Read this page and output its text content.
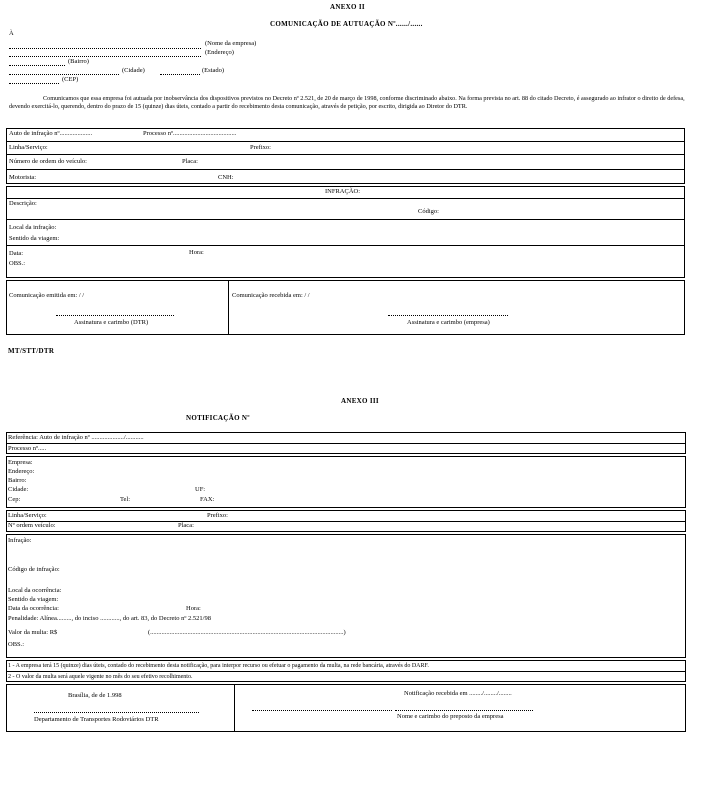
ANEXO II
COMUNICAÇÃO DE AUTUAÇÃO Nº....../......
À
(Nome da empresa)
(Endereço)
(Bairro)
(Cidade)	(Estado)
(CEP)
Comunicamos que essa empresa foi autuada por inobservância dos dispositivos previstos no Decreto nº 2.521, de 20 de março de 1998, conforme discriminado abaixo. Na forma prevista no art. 88 do citado Decreto, é assegurado ao infrator o direito de defesa, devendo exercitá-lo, querendo, dentro do prazo de 15 (quinze) dias úteis, contado a partir do recebimento desta comunicação, através de petição, por escrito, dirigida ao Diretor do DTR.
Auto de infração nº....................	Processo nº.......................................
Linha/Serviço:	Prefixo:
Número de ordem do veículo:	Placa:
Motorista:	CNH:
INFRAÇÃO:
Descrição:
Código:
Local da infração:
Sentido da viagem:
Data:	Hora:
OBS.:
Comunicação emitida em: / /
Assinatura e carimbo (DTR)
Comunicação recebida em: / /
Assinatura e carimbo (empresa)
MT/STT/DTR
ANEXO III
NOTIFICAÇÃO Nº
Referência: Auto de infração nº ..................../...........
Processo nº.....
Empresa:
Endereço:
Bairro:
Cidade:	UF:
Cep:	Tel:	FAX:
Linha/Serviço:	Prefixo:
Nº ordem veículo:	Placa:
Infração:
Código de infração:
Local da ocorrência:
Sentido da viagem:
Data da ocorrência:	Hora:
Penalidade: Alínea........., do inciso ............, do art. 83, do Decreto nº 2.521/98
Valor da multa: R$	(.......................................................................................................................)
OBS.:
1 - A empresa terá 15 (quinze) dias úteis, contado do recebimento desta notificação, para interpor recurso ou efetuar o pagamento da multa, na rede bancária, através do DARF.
2 - O valor da multa será aquele vigente no mês do seu efetivo recolhimento.
Brasília, de de 1.998
Departamento de Transportes Rodoviários DTR
Notificação recebida em ......../......../........
Nome e carimbo do preposto da empresa
